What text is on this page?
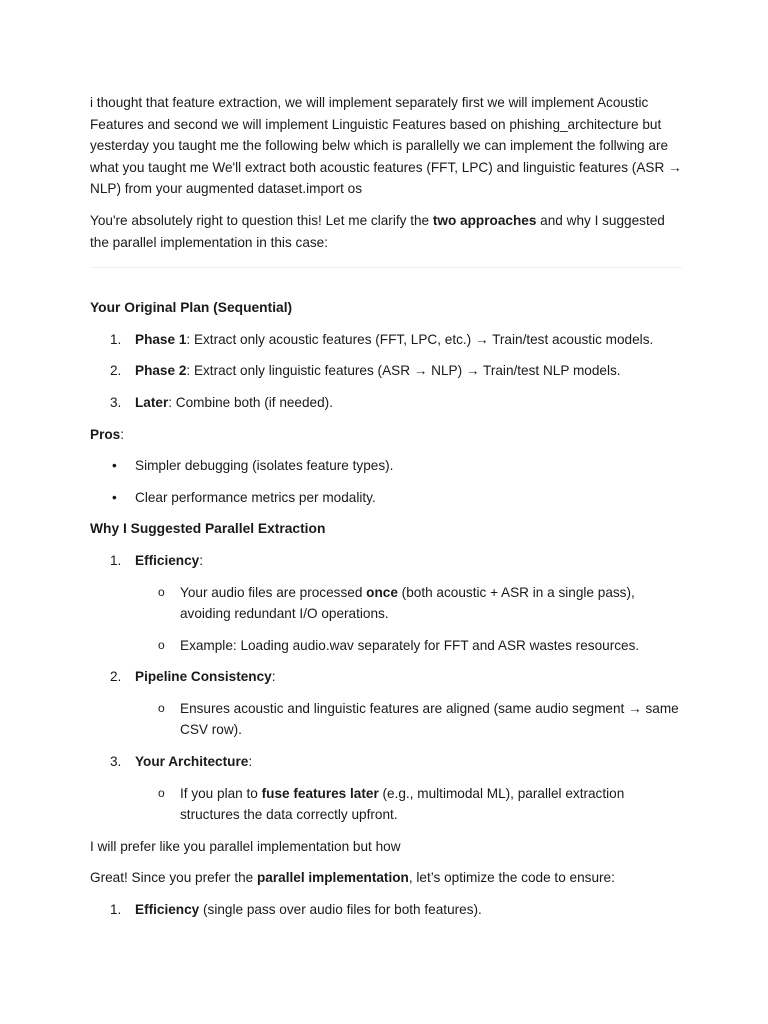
i thought that feature extraction, we will implement separately first we will implement Acoustic Features and second we will implement Linguistic Features based on phishing_architecture but yesterday you taught me the following belw which is parallelly we can implement the follwing are what you taught me We'll extract both acoustic features (FFT, LPC) and linguistic features (ASR → NLP) from your augmented dataset.import os

You're absolutely right to question this! Let me clarify the two approaches and why I suggested the parallel implementation in this case:

Your Original Plan (Sequential)

1.	Phase 1: Extract only acoustic features (FFT, LPC, etc.) → Train/test acoustic models.
2.	Phase 2: Extract only linguistic features (ASR → NLP) → Train/test NLP models.
3.	Later: Combine both (if needed).

Pros:

• Simpler debugging (isolates feature types).
• Clear performance metrics per modality.

Why I Suggested Parallel Extraction

1.	Efficiency:
o	Your audio files are processed once (both acoustic + ASR in a single pass), avoiding redundant I/O operations.
o	Example: Loading audio.wav separately for FFT and ASR wastes resources.
2.	Pipeline Consistency:
o	Ensures acoustic and linguistic features are aligned (same audio segment → same CSV row).
3.	Your Architecture:
o	If you plan to fuse features later (e.g., multimodal ML), parallel extraction structures the data correctly upfront.

I will prefer like you parallel implementation but how

Great! Since you prefer the parallel implementation, let’s optimize the code to ensure:

1.	Efficiency (single pass over audio files for both features).
